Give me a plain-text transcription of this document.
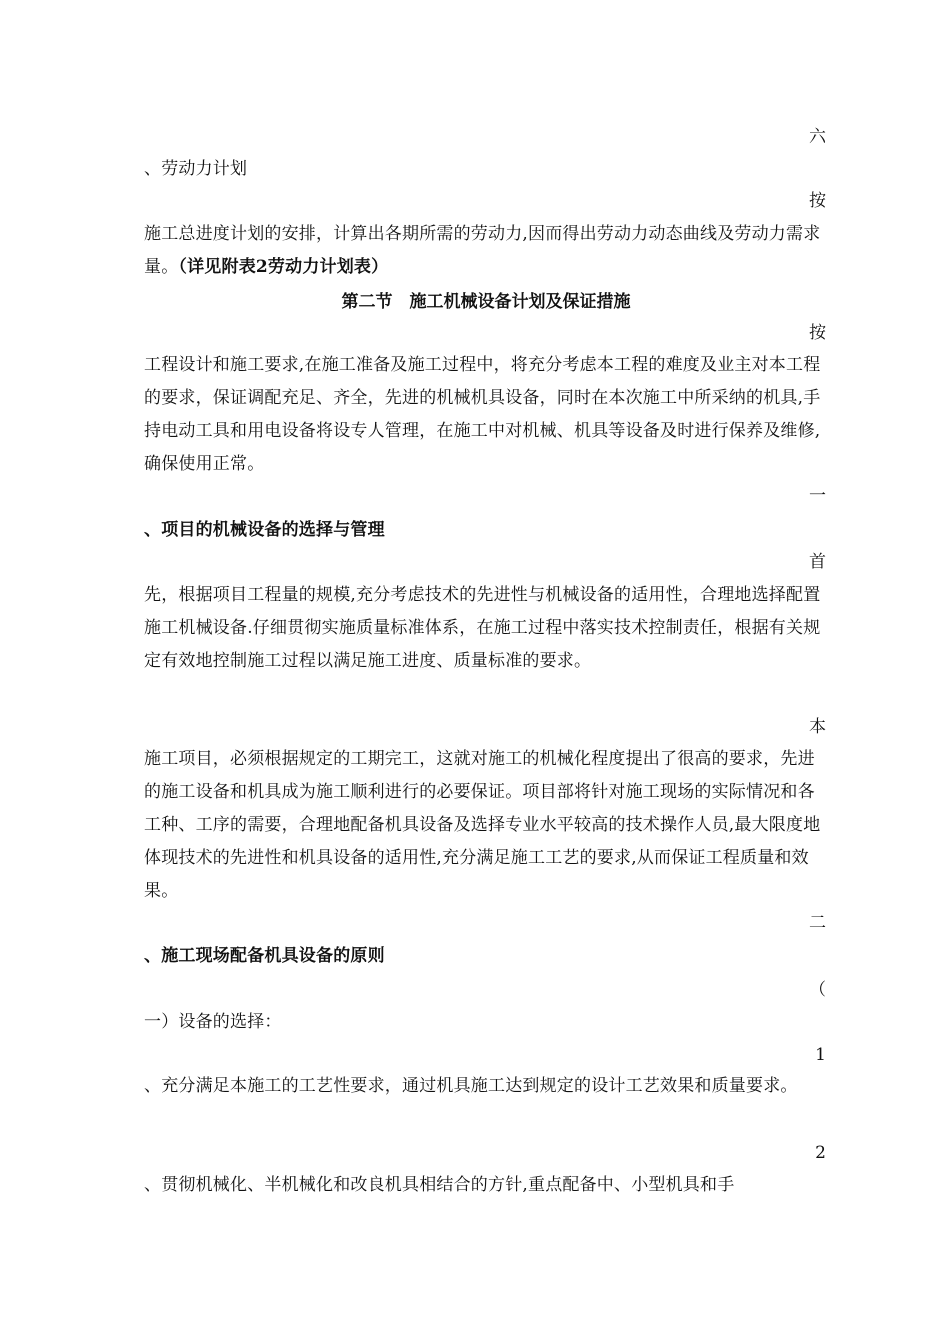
六
、劳动力计划
按
施工总进度计划的安排，计算出各期所需的劳动力,因而得出劳动力动态曲线及劳动力需求量。（详见附表2劳动力计划表）
第二节　施工机械设备计划及保证措施
按
工程设计和施工要求,在施工准备及施工过程中，将充分考虑本工程的难度及业主对本工程的要求，保证调配充足、齐全，先进的机械机具设备，同时在本次施工中所采纳的机具,手持电动工具和用电设备将设专人管理，在施工中对机械、机具等设备及时进行保养及维修,确保使用正常。
一
、项目的机械设备的选择与管理
首
先，根据项目工程量的规模,充分考虑技术的先进性与机械设备的适用性，合理地选择配置施工机械设备.仔细贯彻实施质量标准体系，在施工过程中落实技术控制责任，根据有关规定有效地控制施工过程以满足施工进度、质量标准的要求。
本
施工项目，必须根据规定的工期完工，这就对施工的机械化程度提出了很高的要求，先进的施工设备和机具成为施工顺利进行的必要保证。项目部将针对施工现场的实际情况和各工种、工序的需要，合理地配备机具设备及选择专业水平较高的技术操作人员,最大限度地体现技术的先进性和机具设备的适用性,充分满足施工工艺的要求,从而保证工程质量和效果。
二
、施工现场配备机具设备的原则
（
一）设备的选择：
1
、充分满足本施工的工艺性要求，通过机具施工达到规定的设计工艺效果和质量要求。
2
、贯彻机械化、半机械化和改良机具相结合的方针,重点配备中、小型机具和手
